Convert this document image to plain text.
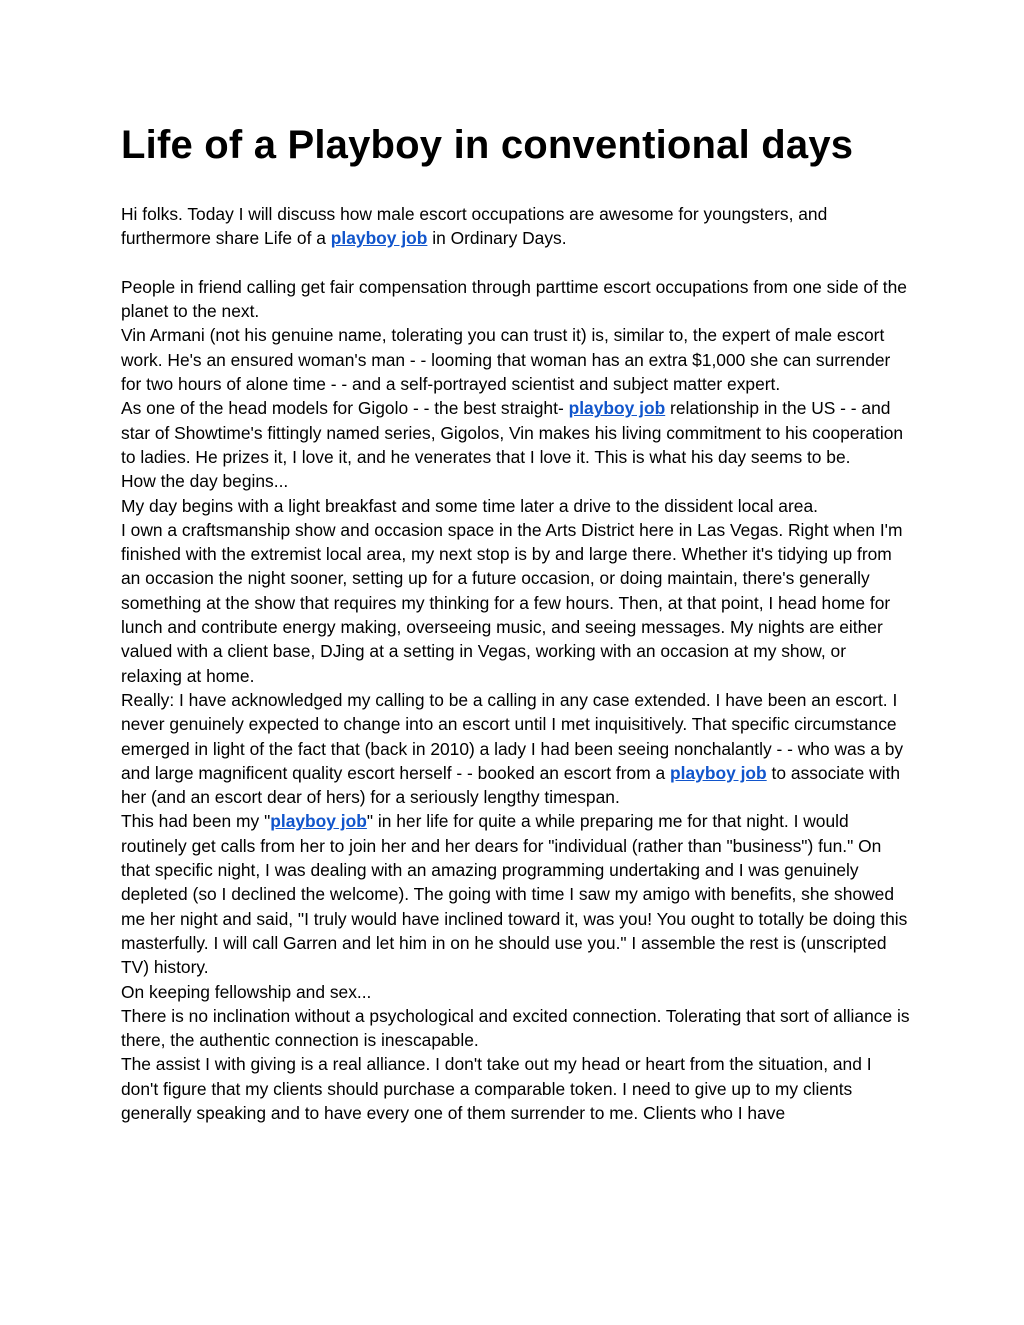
Life of a Playboy in conventional days

Hi folks. Today I will discuss how male escort occupations are awesome for youngsters, and furthermore share Life of a playboy job in Ordinary Days.

People in friend calling get fair compensation through parttime escort occupations from one side of the planet to the next.

Vin Armani (not his genuine name, tolerating you can trust it) is, similar to, the expert of male escort work. He's an ensured woman's man - - looming that woman has an extra $1,000 she can surrender for two hours of alone time - - and a self-portrayed scientist and subject matter expert.

As one of the head models for Gigolo - - the best straight- playboy job relationship in the US - - and star of Showtime's fittingly named series, Gigolos, Vin makes his living commitment to his cooperation to ladies. He prizes it, I love it, and he venerates that I love it. This is what his day seems to be.

How the day begins...

My day begins with a light breakfast and some time later a drive to the dissident local area.

I own a craftsmanship show and occasion space in the Arts District here in Las Vegas. Right when I'm finished with the extremist local area, my next stop is by and large there. Whether it's tidying up from an occasion the night sooner, setting up for a future occasion, or doing maintain, there's generally something at the show that requires my thinking for a few hours. Then, at that point, I head home for lunch and contribute energy making, overseeing music, and seeing messages. My nights are either valued with a client base, DJing at a setting in Vegas, working with an occasion at my show, or relaxing at home.

Really: I have acknowledged my calling to be a calling in any case extended. I have been an escort. I never genuinely expected to change into an escort until I met inquisitively. That specific circumstance emerged in light of the fact that (back in 2010) a lady I had been seeing nonchalantly - - who was a by and large magnificent quality escort herself - - booked an escort from a playboy job to associate with her (and an escort dear of hers) for a seriously lengthy timespan.

This had been my "playboy job" in her life for quite a while preparing me for that night. I would routinely get calls from her to join her and her dears for "individual (rather than "business") fun." On that specific night, I was dealing with an amazing programming undertaking and I was genuinely depleted (so I declined the welcome). The going with time I saw my amigo with benefits, she showed me her night and said, "I truly would have inclined toward it, was you! You ought to totally be doing this masterfully. I will call Garren and let him in on he should use you." I assemble the rest is (unscripted TV) history.

On keeping fellowship and sex...

There is no inclination without a psychological and excited connection. Tolerating that sort of alliance is there, the authentic connection is inescapable.

The assist I with giving is a real alliance. I don't take out my head or heart from the situation, and I don't figure that my clients should purchase a comparable token. I need to give up to my clients generally speaking and to have every one of them surrender to me. Clients who I have
